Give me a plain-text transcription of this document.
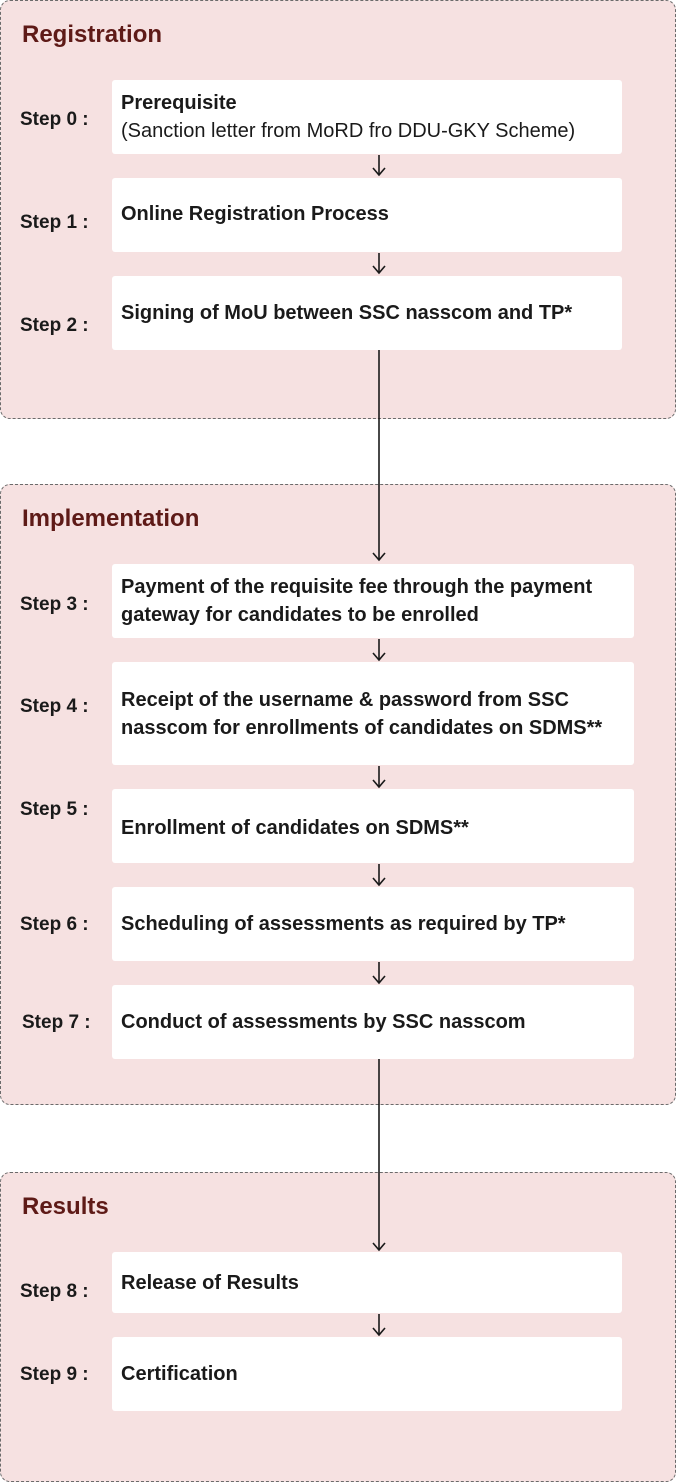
Registration
Implementation
Results
Step 0 :
Prerequisite
(Sanction letter from MoRD fro DDU-GKY Scheme)
Step 1 : Online Registration Process
Step 2 :
Signing of MoU between SSC nasscom and TP*
Step 3 :
Payment of the requisite fee through the payment gateway for candidates to be enrolled
Step 4 : Receipt of the username & password from SSC nasscom for enrollments of candidates on SDMS**
Step 5 :
Enrollment of candidates on SDMS**
Step 6 : Scheduling of assessments as required by TP*
Step 7 : Conduct of assessments by SSC nasscom
Step 8 : Release of Results
Step 9 : Certification
